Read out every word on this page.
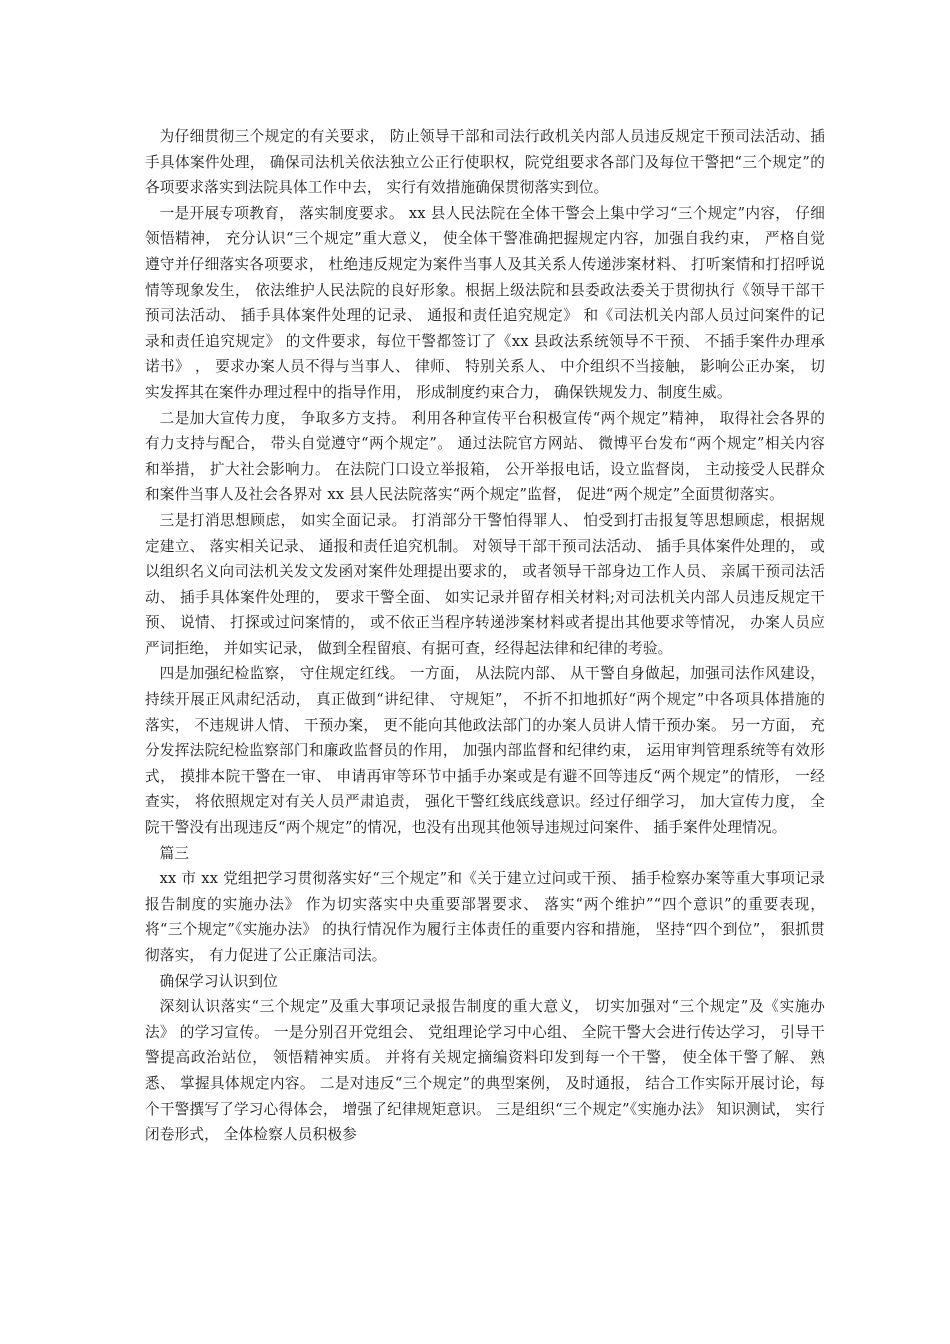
为仔细贯彻三个规定的有关要求， 防止领导干部和司法行政机关内部人员违反规定干预司法活动、插手具体案件处理， 确保司法机关依法独立公正行使职权，院党组要求各部门及每位干警把“三个规定”的各项要求落实到法院具体工作中去， 实行有效措施确保贯彻落实到位。

一是开展专项教育， 落实制度要求。 xx 县人民法院在全体干警会上集中学习“三个规定”内容， 仔细领悟精神， 充分认识“三个规定”重大意义， 使全体干警准确把握规定内容，加强自我约束， 严格自觉遵守并仔细落实各项要求， 杜绝违反规定为案件当事人及其关系人传递涉案材料、 打听案情和打招呼说情等现象发生， 依法维护人民法院的良好形象。根据上级法院和县委政法委关于贯彻执行《领导干部干预司法活动、 插手具体案件处理的记录、 通报和责任追究规定》 和《司法机关内部人员过问案件的记录和责任追究规定》 的文件要求，每位干警都签订了《xx 县政法系统领导不干预、 不插手案件办理承诺书》 ， 要求办案人员不得与当事人、 律师、 特别关系人、 中介组织不当接触， 影响公正办案， 切实发挥其在案件办理过程中的指导作用， 形成制度约束合力， 确保铁规发力、制度生威。

二是加大宣传力度， 争取多方支持。 利用各种宣传平台积极宣传“两个规定”精神， 取得社会各界的有力支持与配合， 带头自觉遵守“两个规定”。 通过法院官方网站、 微博平台发布“两个规定”相关内容和举措， 扩大社会影响力。 在法院门口设立举报箱， 公开举报电话，设立监督岗， 主动接受人民群众和案件当事人及社会各界对 xx 县人民法院落实“两个规定”监督， 促进“两个规定”全面贯彻落实。

三是打消思想顾虑， 如实全面记录。 打消部分干警怕得罪人、 怕受到打击报复等思想顾虑，根据规定建立、 落实相关记录、 通报和责任追究机制。 对领导干部干预司法活动、 插手具体案件处理的， 或以组织名义向司法机关发文发函对案件处理提出要求的， 或者领导干部身边工作人员、 亲属干预司法活动、 插手具体案件处理的， 要求干警全面、 如实记录并留存相关材料;对司法机关内部人员违反规定干预、 说情、 打探或过问案情的， 或不依正当程序转递涉案材料或者提出其他要求等情况， 办案人员应严词拒绝， 并如实记录， 做到全程留痕、有据可查，经得起法律和纪律的考验。

四是加强纪检监察， 守住规定红线。 一方面， 从法院内部、 从干警自身做起，加强司法作风建设， 持续开展正风肃纪活动， 真正做到“讲纪律、 守规矩”， 不折不扣地抓好“两个规定”中各项具体措施的落实， 不违规讲人情、 干预办案， 更不能向其他政法部门的办案人员讲人情干预办案。 另一方面， 充分发挥法院纪检监察部门和廉政监督员的作用， 加强内部监督和纪律约束， 运用审判管理系统等有效形式， 摸排本院干警在一审、 申请再审等环节中插手办案或是有避不回等违反“两个规定”的情形， 一经查实， 将依照规定对有关人员严肃追责， 强化干警红线底线意识。经过仔细学习， 加大宣传力度， 全院干警没有出现违反“两个规定”的情况，也没有出现其他领导违规过问案件、 插手案件处理情况。

篇三

xx 市 xx 党组把学习贯彻落实好“三个规定”和《关于建立过问或干预、 插手检察办案等重大事项记录报告制度的实施办法》 作为切实落实中央重要部署要求、 落实“两个维护”“四个意识”的重要表现， 将“三个规定”《实施办法》 的执行情况作为履行主体责任的重要内容和措施， 坚持“四个到位”， 狠抓贯彻落实， 有力促进了公正廉洁司法。

确保学习认识到位

深刻认识落实“三个规定”及重大事项记录报告制度的重大意义， 切实加强对“三个规定”及《实施办法》 的学习宣传。 一是分别召开党组会、 党组理论学习中心组、 全院干警大会进行传达学习， 引导干警提高政治站位， 领悟精神实质。 并将有关规定摘编资料印发到每一个干警， 使全体干警了解、 熟悉、 掌握具体规定内容。 二是对违反“三个规定”的典型案例， 及时通报， 结合工作实际开展讨论，每个干警撰写了学习心得体会， 增强了纪律规矩意识。 三是组织“三个规定”《实施办法》 知识测试， 实行闭卷形式， 全体检察人员积极参
